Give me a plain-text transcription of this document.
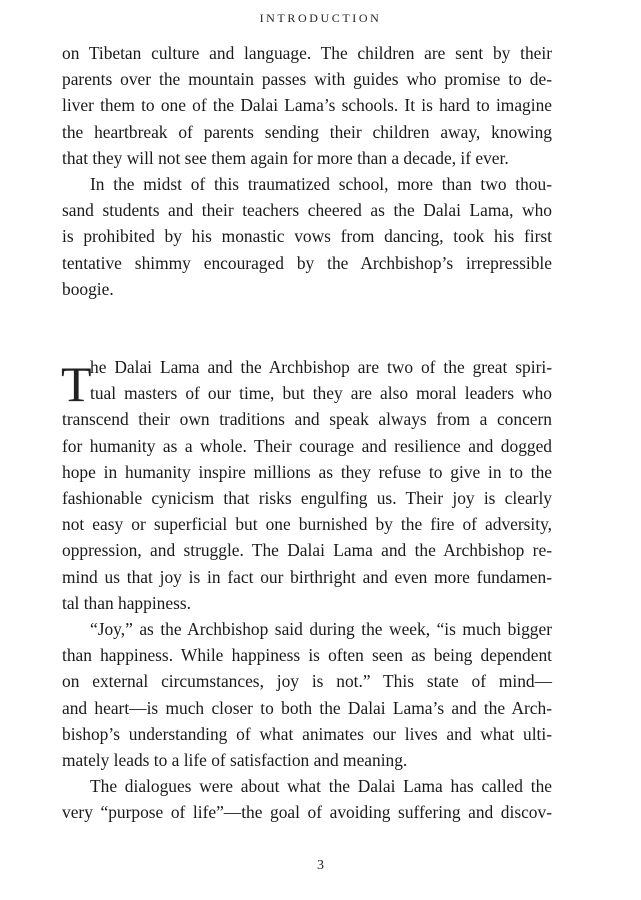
INTRODUCTION
on Tibetan culture and language. The children are sent by their
parents over the mountain passes with guides who promise to de-
liver them to one of the Dalai Lama’s schools. It is hard to imagine
the heartbreak of parents sending their children away, knowing
that they will not see them again for more than a decade, if ever.
In the midst of this traumatized school, more than two thou-
sand students and their teachers cheered as the Dalai Lama, who
is prohibited by his monastic vows from dancing, took his first
tentative shimmy encouraged by the Archbishop’s irrepressible
boogie.
T
he Dalai Lama and the Archbishop are two of the great spiri-
tual masters of our time, but they are also moral leaders who
transcend their own traditions and speak always from a concern
for humanity as a whole. Their courage and resilience and dogged
hope in humanity inspire millions as they refuse to give in to the
fashionable cynicism that risks engulfing us. Their joy is clearly
not easy or superficial but one burnished by the fire of adversity,
oppression, and struggle. The Dalai Lama and the Archbishop re-
mind us that joy is in fact our birthright and even more fundamen-
tal than happiness.
“Joy,” as the Archbishop said during the week, “is much bigger
than happiness. While happiness is often seen as being dependent
on external circumstances, joy is not.” This state of mind—
and heart—is much closer to both the Dalai Lama’s and the Arch-
bishop’s understanding of what animates our lives and what ulti-
mately leads to a life of satisfaction and meaning.
The dialogues were about what the Dalai Lama has called the
very “purpose of life”—the goal of avoiding suffering and discov-
3
